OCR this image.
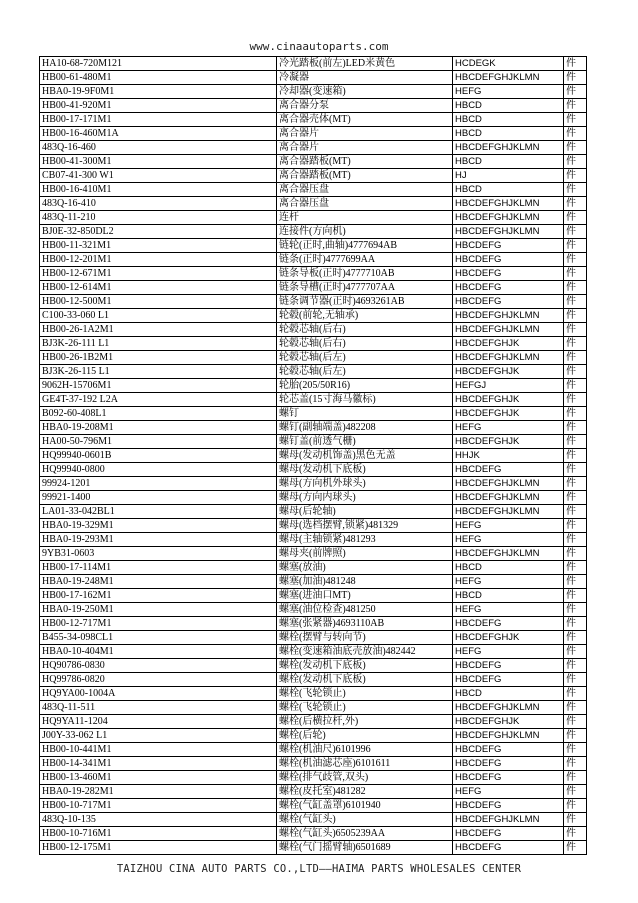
www.cinaautoparts.com
HA10-68-720M121	冷光踏板(前左)LED米黄色	HCDEGK	件
HB00-61-480M1	冷凝器	HBCDEFGHJKLMN	件
HBA0-19-9F0M1	冷却器(变速箱)	HEFG	件
HB00-41-920M1	离合器分泵	HBCD	件
HB00-17-171M1	离合器壳体(MT)	HBCD	件
HB00-16-460M1A	离合器片	HBCD	件
483Q-16-460	离合器片	HBCDEFGHJKLMN	件
HB00-41-300M1	离合器踏板(MT)	HBCD	件
CB07-41-300 W1	离合器踏板(MT)	HJ	件
HB00-16-410M1	离合器压盘	HBCD	件
483Q-16-410	离合器压盘	HBCDEFGHJKLMN	件
483Q-11-210	连杆	HBCDEFGHJKLMN	件
BJ0E-32-850DL2	连接件(方向机)	HBCDEFGHJKLMN	件
HB00-11-321M1	链轮(正时,曲轴)4777694AB	HBCDEFG	件
HB00-12-201M1	链条(正时)4777699AA	HBCDEFG	件
HB00-12-671M1	链条导板(正时)4777710AB	HBCDEFG	件
HB00-12-614M1	链条导槽(正时)4777707AA	HBCDEFG	件
HB00-12-500M1	链条调节器(正时)4693261AB	HBCDEFG	件
C100-33-060 L1	轮毂(前轮,无轴承)	HBCDEFGHJKLMN	件
HB00-26-1A2M1	轮毂芯轴(后右)	HBCDEFGHJKLMN	件
BJ3K-26-111 L1	轮毂芯轴(后右)	HBCDEFGHJK	件
HB00-26-1B2M1	轮毂芯轴(后左)	HBCDEFGHJKLMN	件
BJ3K-26-115 L1	轮毂芯轴(后左)	HBCDEFGHJK	件
9062H-15706M1	轮胎(205/50R16)	HEFGJ	件
GE4T-37-192 L2A	轮芯盖(15寸海马徽标)	HBCDEFGHJK	件
B092-60-408L1	螺钉	HBCDEFGHJK	件
HBA0-19-208M1	螺钉(副轴端盖)482208	HEFG	件
HA00-50-796M1	螺钉盖(前透气栅)	HBCDEFGHJK	件
HQ99940-0601B	螺母(发动机饰盖)黑色无盖	HHJK	件
HQ99940-0800	螺母(发动机下底板)	HBCDEFG	件
99924-1201	螺母(方向机外球头)	HBCDEFGHJKLMN	件
99921-1400	螺母(方向内球头)	HBCDEFGHJKLMN	件
LA01-33-042BL1	螺母(后轮轴)	HBCDEFGHJKLMN	件
HBA0-19-329M1	螺母(选档摆臂,锁紧)481329	HEFG	件
HBA0-19-293M1	螺母(主轴锁紧)481293	HEFG	件
9YB31-0603	螺母夹(前牌照)	HBCDEFGHJKLMN	件
HB00-17-114M1	螺塞(放油)	HBCD	件
HBA0-19-248M1	螺塞(加油)481248	HEFG	件
HB00-17-162M1	螺塞(进油口MT)	HBCD	件
HBA0-19-250M1	螺塞(油位检查)481250	HEFG	件
HB00-12-717M1	螺塞(张紧器)4693110AB	HBCDEFG	件
B455-34-098CL1	螺栓(摆臂与转向节)	HBCDEFGHJK	件
HBA0-10-404M1	螺栓(变速箱油底壳放油)482442	HEFG	件
HQ90786-0830	螺栓(发动机下底板)	HBCDEFG	件
HQ99786-0820	螺栓(发动机下底板)	HBCDEFG	件
HQ9YA00-1004A	螺栓(飞轮锁止)	HBCD	件
483Q-11-511	螺栓(飞轮锁止)	HBCDEFGHJKLMN	件
HQ9YA11-1204	螺栓(后横拉杆,外)	HBCDEFGHJK	件
J00Y-33-062 L1	螺栓(后轮)	HBCDEFGHJKLMN	件
HB00-10-441M1	螺栓(机油尺)6101996	HBCDEFG	件
HB00-14-341M1	螺栓(机油滤芯座)6101611	HBCDEFG	件
HB00-13-460M1	螺栓(排气歧管,双头)	HBCDEFG	件
HBA0-19-282M1	螺栓(皮托室)481282	HEFG	件
HB00-10-717M1	螺栓(气缸盖罩)6101940	HBCDEFG	件
483Q-10-135	螺栓(气缸头)	HBCDEFGHJKLMN	件
HB00-10-716M1	螺栓(气缸头)6505239AA	HBCDEFG	件
HB00-12-175M1	螺栓(气门摇臂轴)6501689	HBCDEFG	件
TAIZHOU CINA AUTO PARTS CO.,LTD——HAIMA PARTS WHOLESALES CENTER
